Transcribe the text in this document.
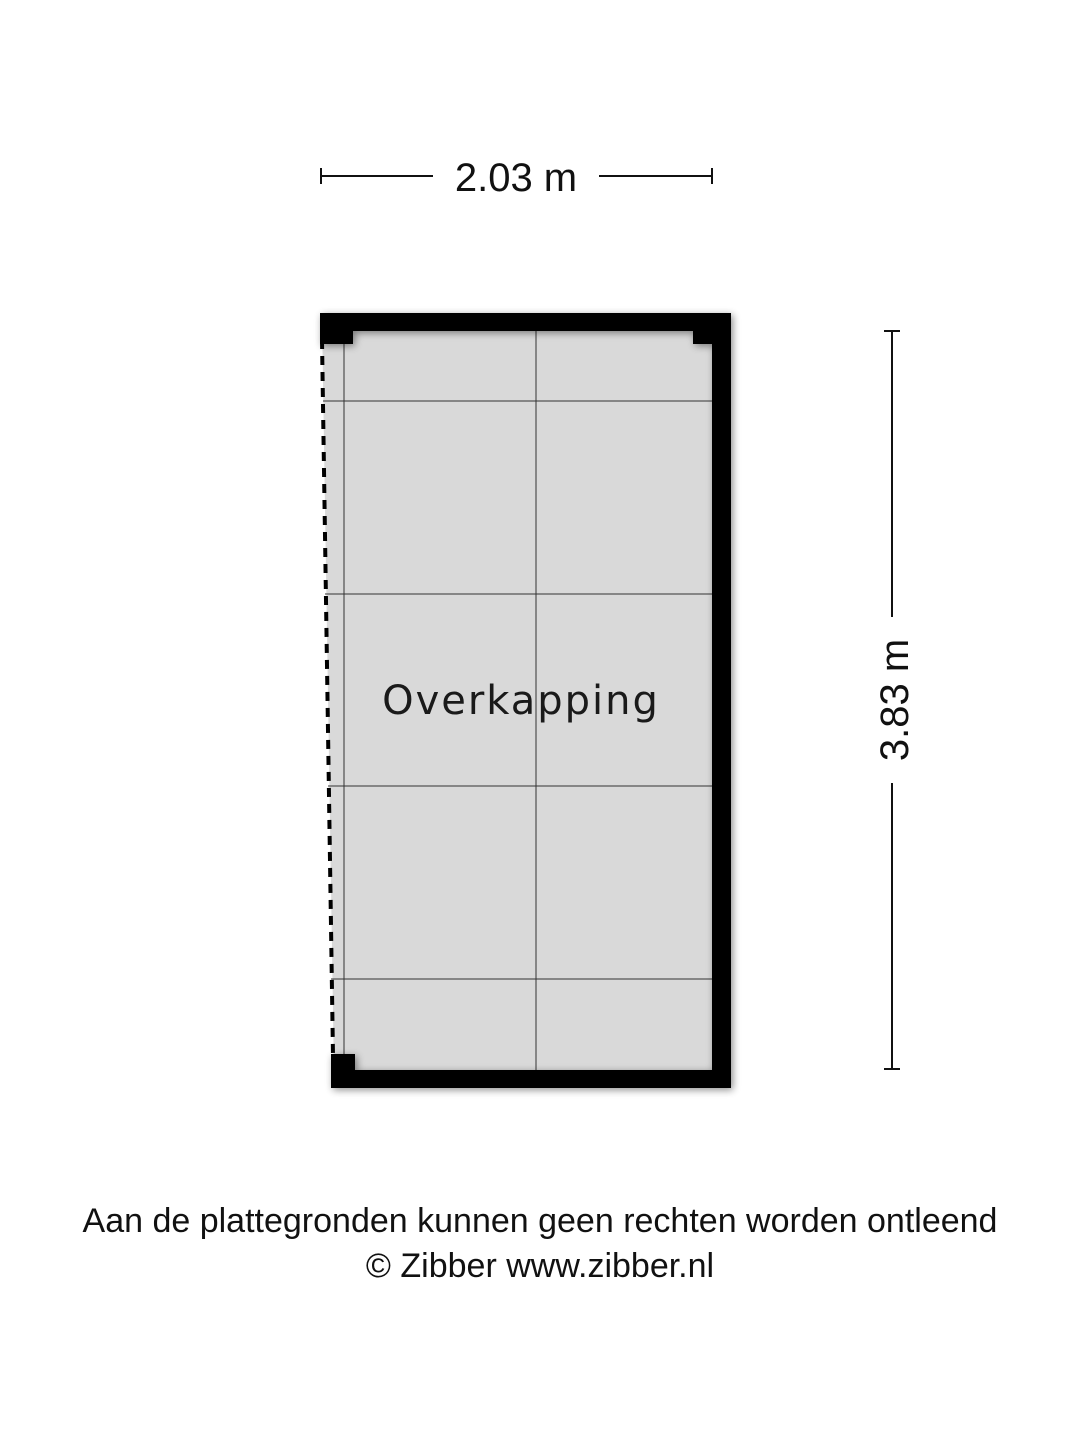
2.03 m
3.83 m
Overkapping
Aan de plattegronden kunnen geen rechten worden ontleend
© Zibber www.zibber.nl
